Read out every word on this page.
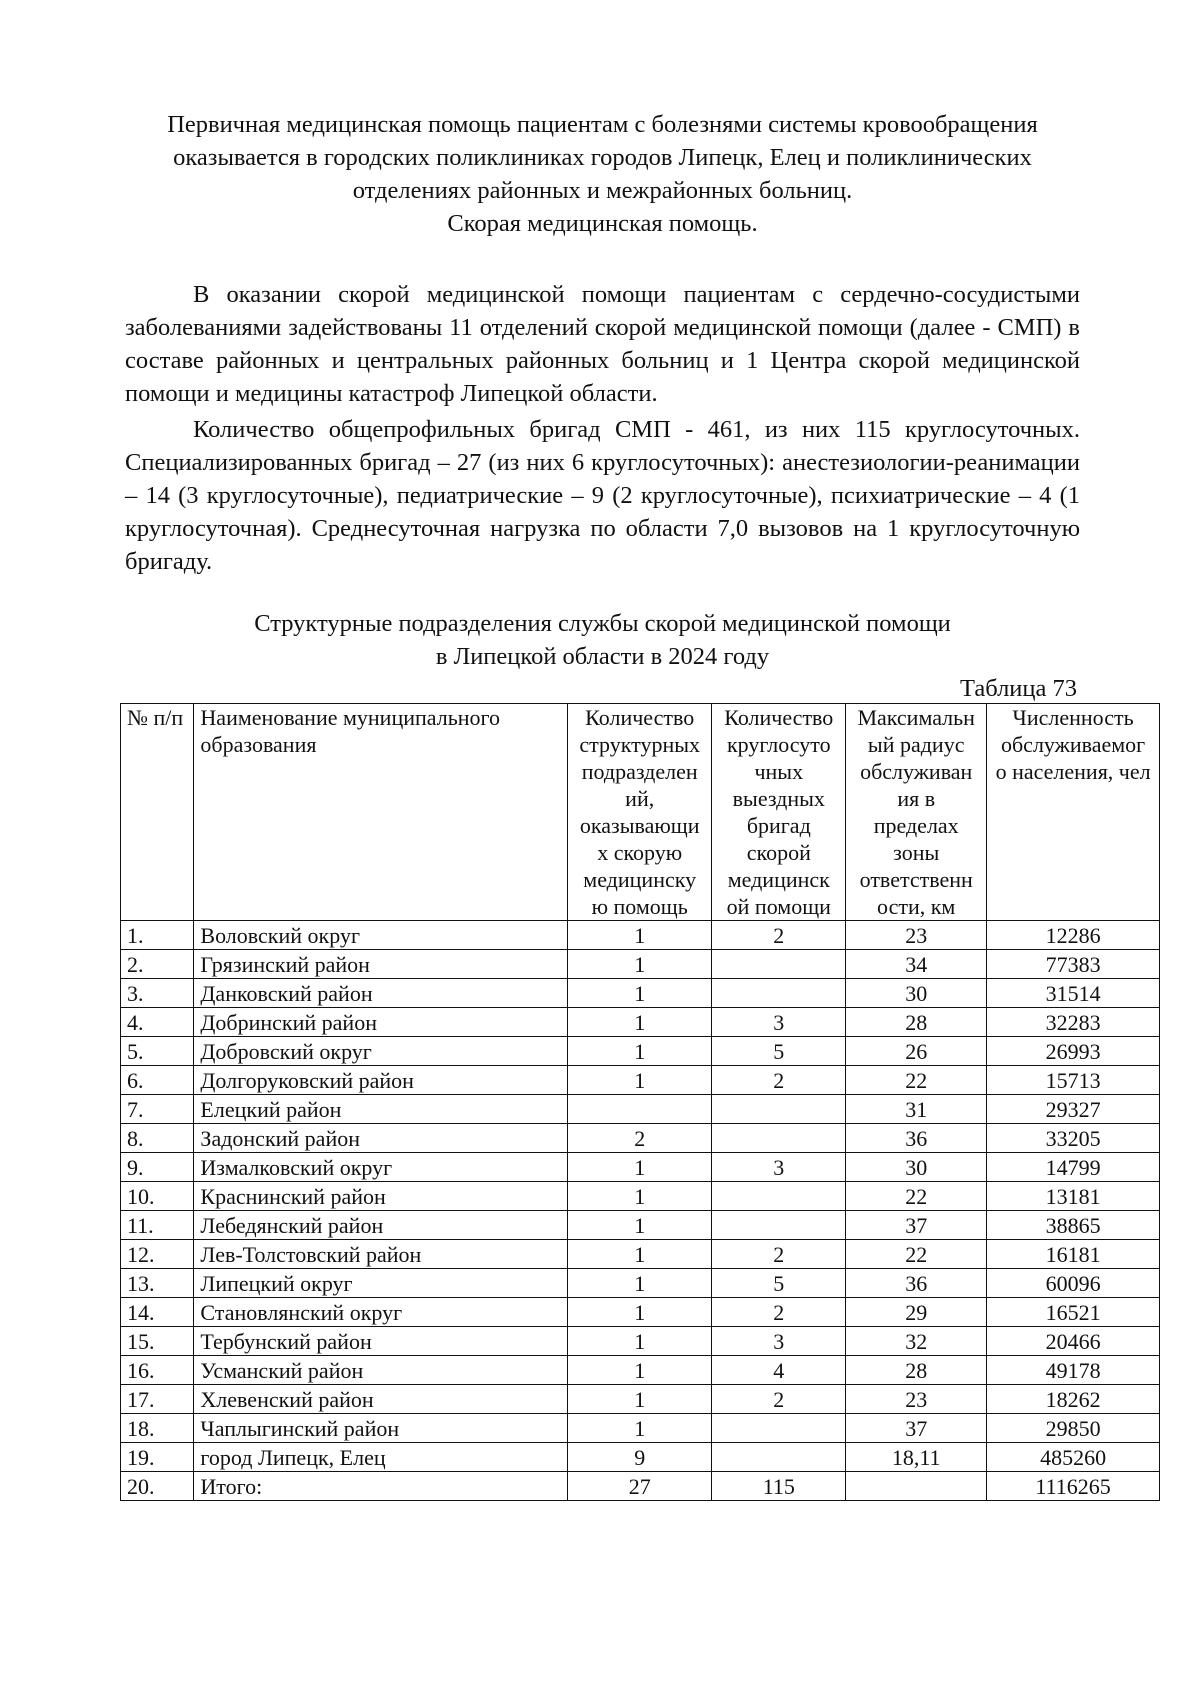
Первичная медицинская помощь пациентам с болезнями системы кровообращения

оказывается в городских поликлиниках городов Липецк, Елец и поликлинических

отделениях районных и межрайонных больниц.

Скорая медицинская помощь.

В оказании скорой медицинской помощи пациентам с сердечно-сосудистыми заболеваниями задействованы 11 отделений скорой медицинской помощи (далее - СМП) в составе районных и центральных районных больниц и 1 Центра скорой медицинской помощи и медицины катастроф Липецкой области.

Количество общепрофильных бригад СМП - 461, из них 115 круглосуточных. Специализированных бригад – 27 (из них 6 круглосуточных): анестезиологии-реанимации – 14 (3 круглосуточные), педиатрические – 9 (2 круглосуточные), психиатрические – 4 (1 круглосуточная). Среднесуточная нагрузка по области 7,0 вызовов на 1 круглосуточную бригаду.

Структурные подразделения службы скорой медицинской помощи

в Липецкой области в 2024 году

Таблица 73
№ п/п	Наименование муниципального образования	Количество структурных подразделен ий, оказывающи х скорую медицинску ю помощь	Количество круглосуто чных выездных бригад скорой медицинск ой помощи	Максимальн ый радиус обслуживан ия в пределах зоны ответственн ости, км	Численность обслуживаемог о населения, чел
1.	Воловский округ	1	2	23	12286
2.	Грязинский район	1		34	77383
3.	Данковский район	1		30	31514
4.	Добринский район	1	3	28	32283
5.	Добровский округ	1	5	26	26993
6.	Долгоруковский район	1	2	22	15713
7.	Елецкий район			31	29327
8.	Задонский район	2		36	33205
9.	Измалковский округ	1	3	30	14799
10.	Краснинский район	1		22	13181
11.	Лебедянский район	1		37	38865
12.	Лев-Толстовский район	1	2	22	16181
13.	Липецкий округ	1	5	36	60096
14.	Становлянский округ	1	2	29	16521
15.	Тербунский район	1	3	32	20466
16.	Усманский район	1	4	28	49178
17.	Хлевенский район	1	2	23	18262
18.	Чаплыгинский район	1		37	29850
19.	город Липецк, Елец	9		18,11	485260
20.	Итого:	27	115		1116265
